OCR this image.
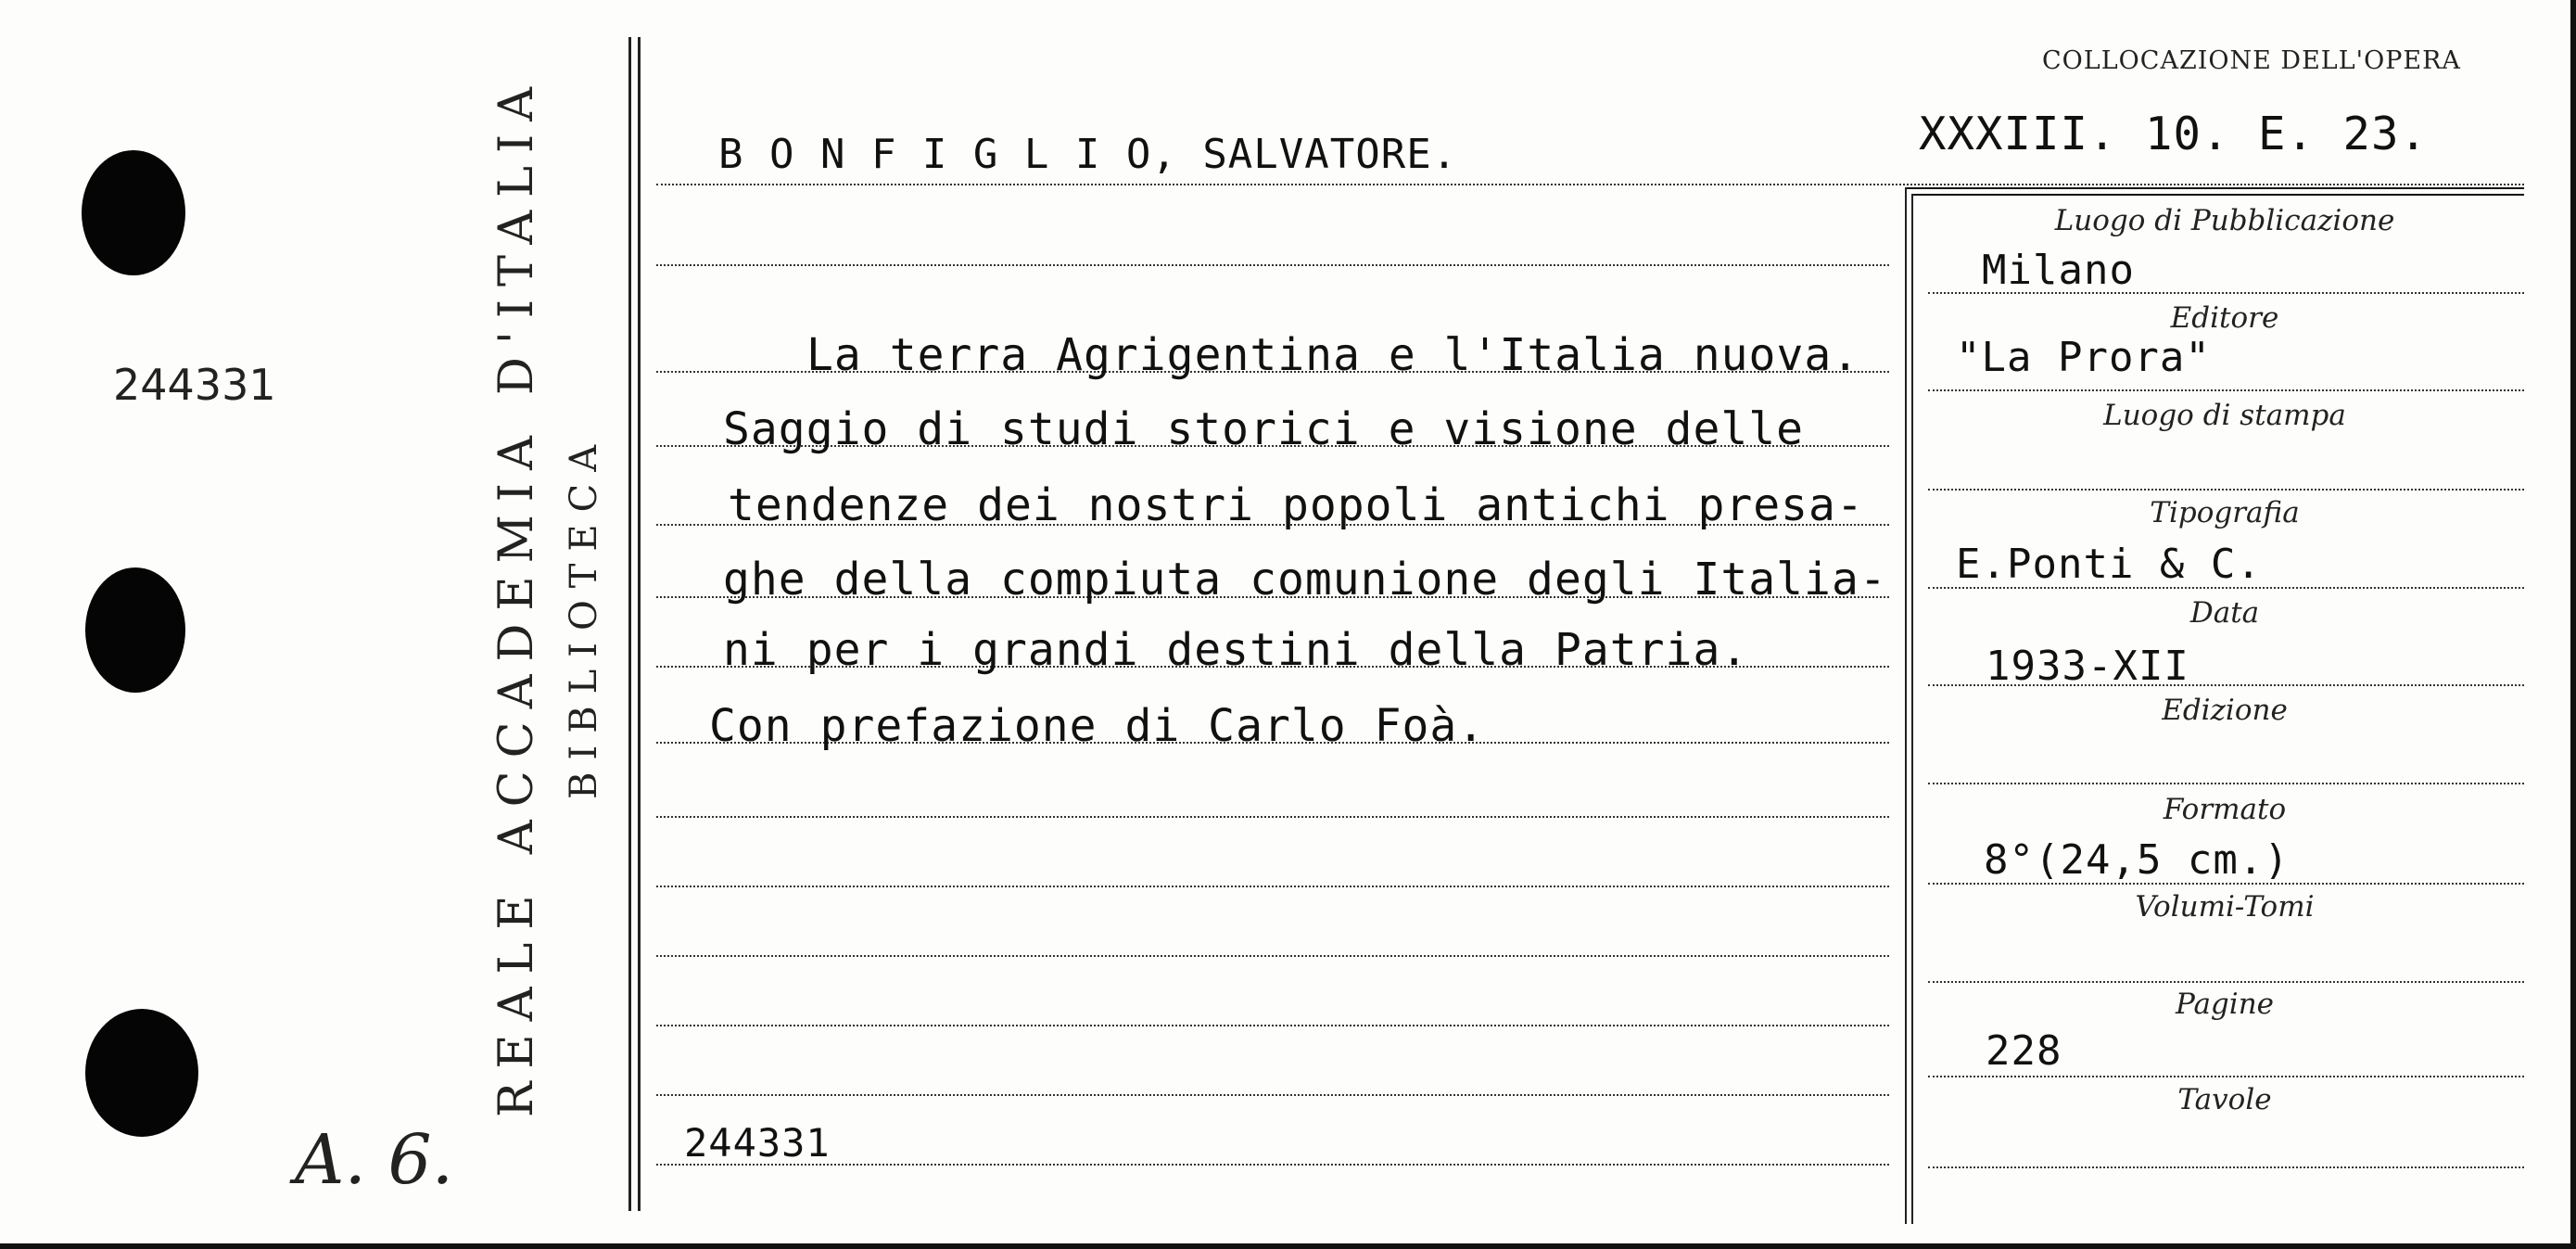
244331
A. 6.
REALE ACCADEMIA D'ITALIA BIBLIOTECA
COLLOCAZIONE DELL'OPERA
XXXIII. 10. E. 23.
B O N F I G L I O, SALVATORE.
La terra Agrigentina e l'Italia nuova.
Saggio di studi storici e visione delle
tendenze dei nostri popoli antichi presa-
ghe della compiuta comunione degli Italia-
ni per i grandi destini della Patria.
Con prefazione di Carlo Foà.
244331
Luogo di Pubblicazione
Editore
Luogo di stampa
Tipografia
Data
Edizione
Formato
Volumi-Tomi
Pagine
Tavole
Milano
"La Prora"
E.Ponti & C.
1933-XII
8°(24,5 cm.)
228
